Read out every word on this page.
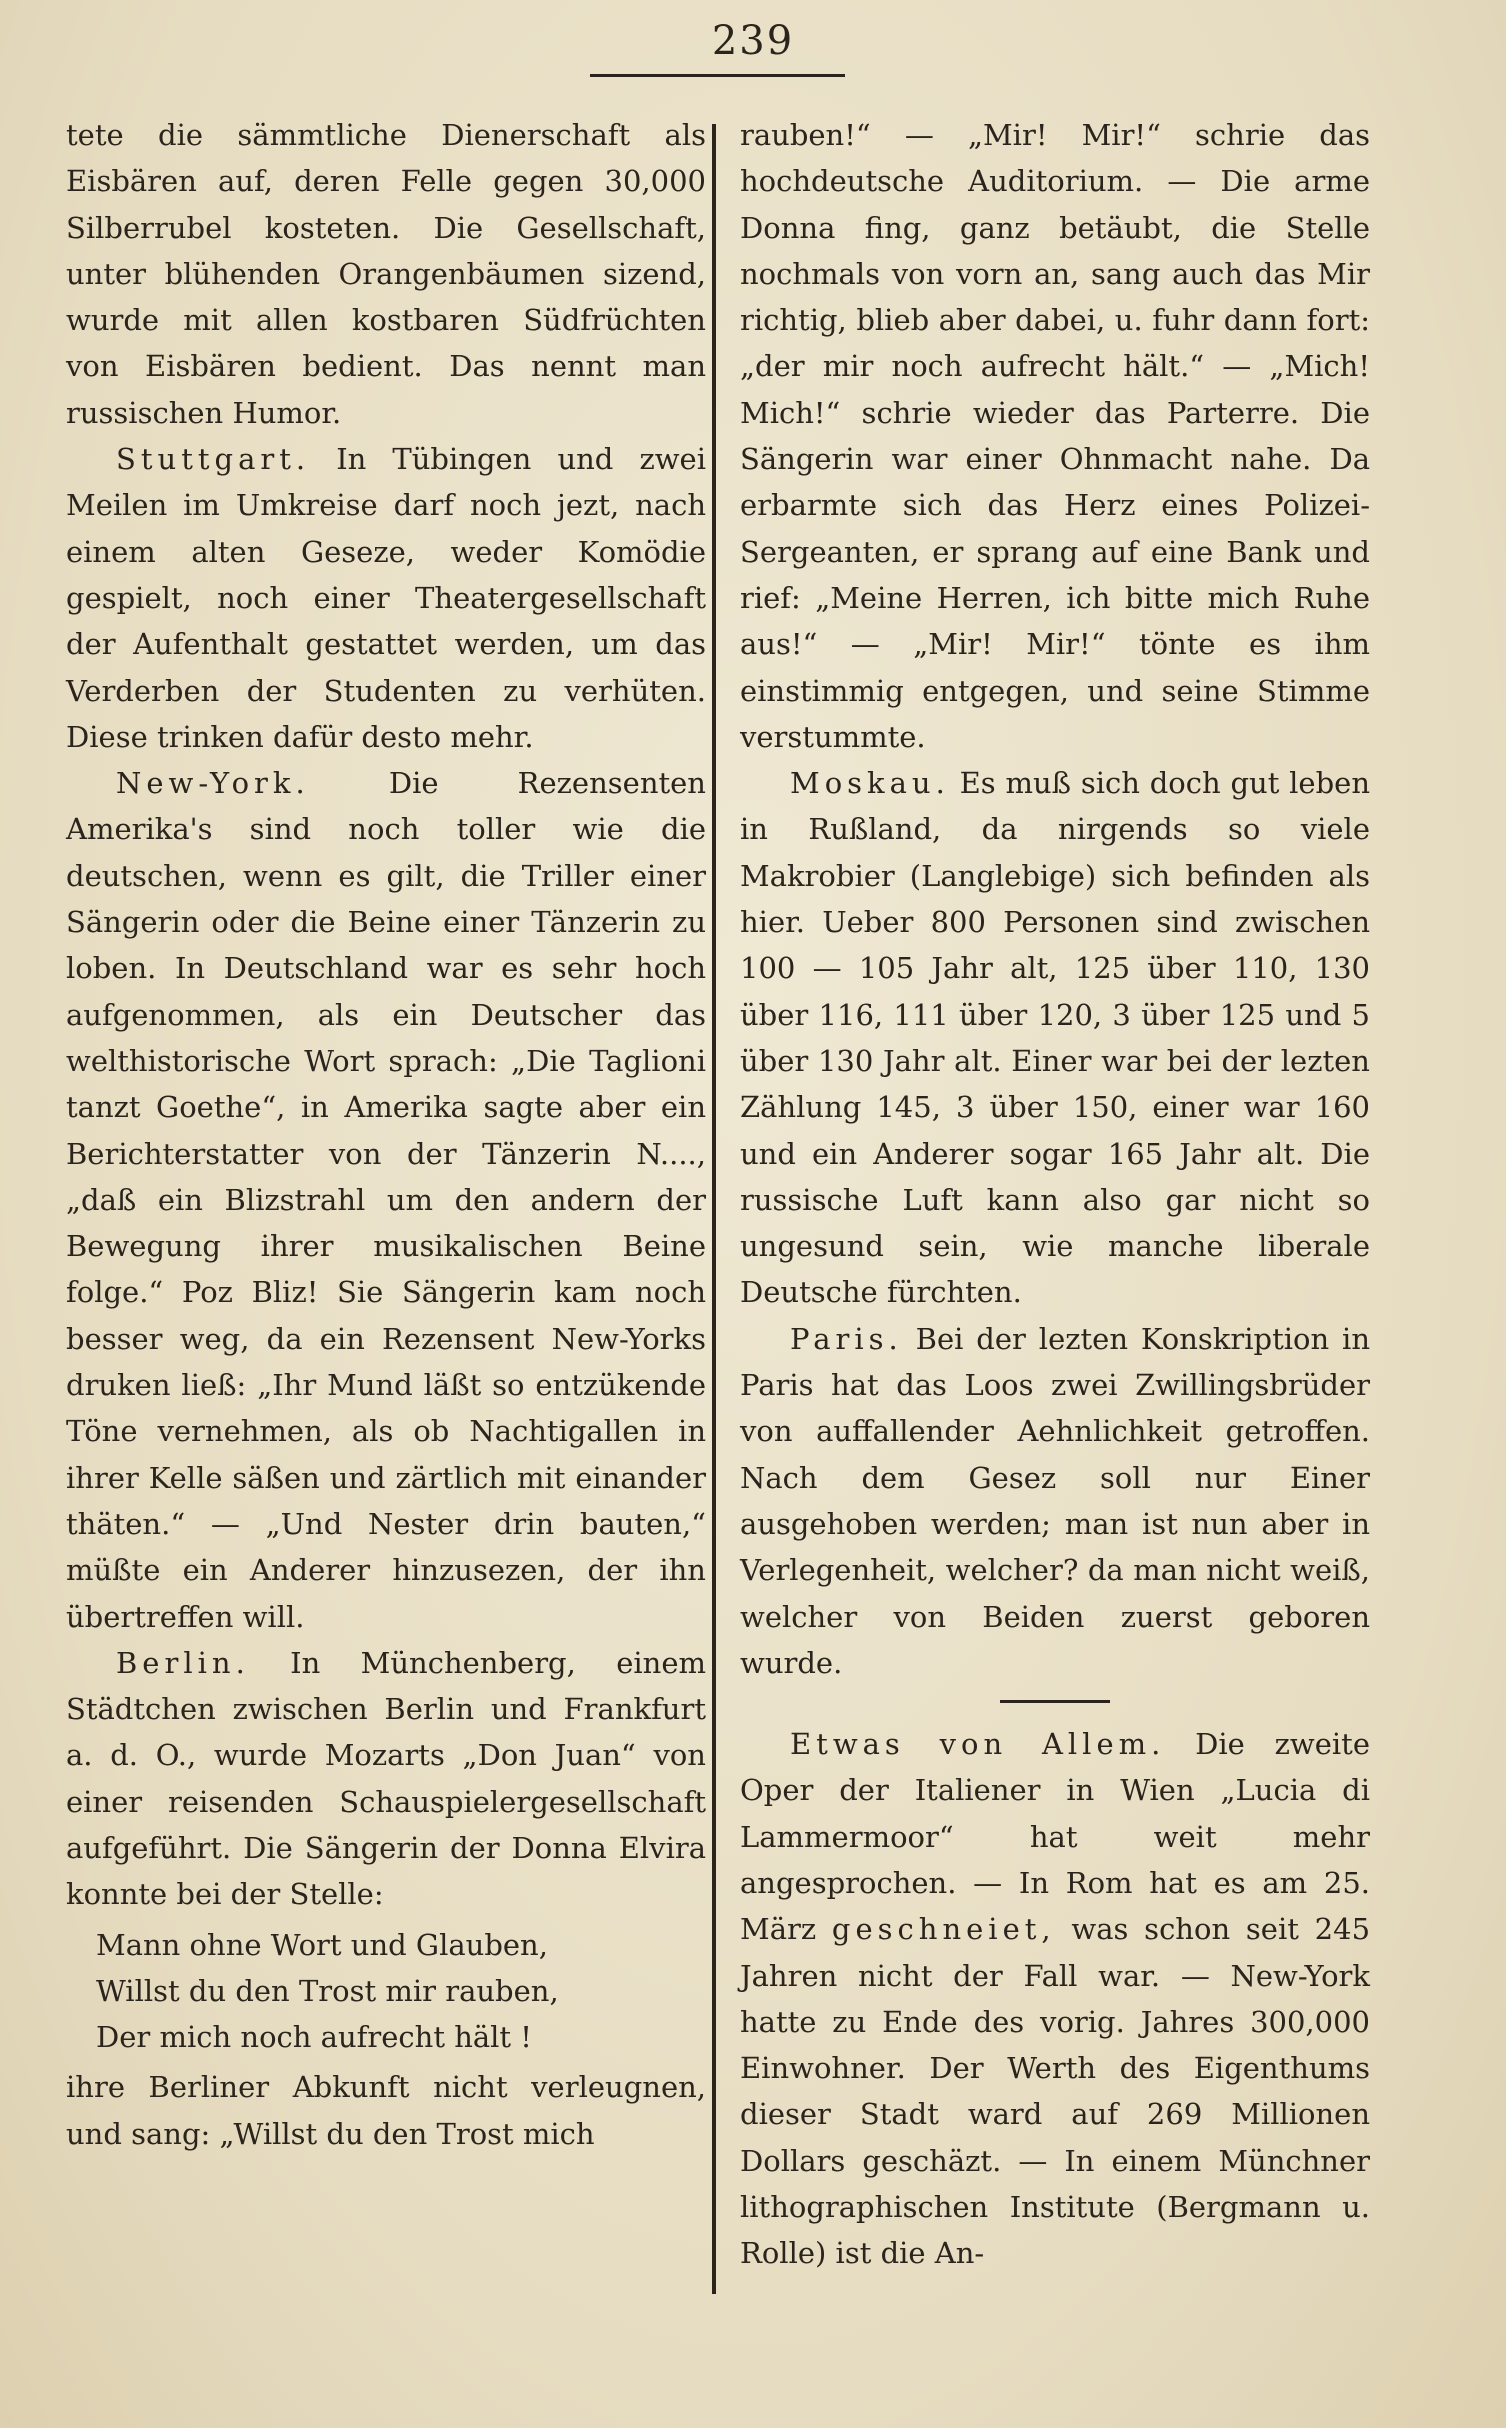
239

tete die sämmtliche Dienerschaft als Eisbären auf, deren Felle gegen 30,000 Silberrubel kosteten. Die Gesellschaft, unter blühenden Orangenbäumen sizend, wurde mit allen kostbaren Südfrüchten von Eisbären bedient. Das nennt man russischen Humor.

Stuttgart. In Tübingen und zwei Meilen im Umkreise darf noch jezt, nach einem alten Geseze, weder Komödie gespielt, noch einer Theatergesellschaft der Aufenthalt gestattet werden, um das Verderben der Studenten zu verhüten. Diese trinken dafür desto mehr.

New-York.	Die Rezensenten Amerika's sind noch toller wie die deutschen, wenn es gilt, die Triller einer Sängerin oder die Beine einer Tänzerin zu loben. In Deutschland war es sehr hoch aufgenommen, als ein Deutscher das welthistorische Wort sprach: „Die Taglioni tanzt Goethe“, in Amerika sagte aber ein Berichterstatter von der Tänzerin N...., „daß ein Blizstrahl um den andern der Bewegung ihrer musikalischen Beine folge.“ Poz Bliz! Sie Sängerin kam noch besser weg, da ein Rezensent New-Yorks druken ließ: „Ihr Mund läßt so entzükende Töne vernehmen, als ob Nachtigallen in ihrer Kelle säßen und zärtlich mit einander thäten.“ — „Und Nester drin bauten,“ müßte ein Anderer hinzusezen, der ihn übertreffen will.

Berlin. In Münchenberg, einem Städtchen zwischen Berlin und Frankfurt a. d. O., wurde Mozarts „Don Juan“ von einer reisenden Schauspielergesellschaft aufgeführt. Die Sängerin der Donna Elvira konnte bei der Stelle:

Mann ohne Wort und Glauben,
Willst du den Trost mir rauben,
Der mich noch aufrecht hält !

ihre Berliner Abkunft nicht verleugnen, und sang: „Willst du den Trost mich

rauben!“ — „Mir! Mir!“ schrie das hochdeutsche Auditorium. — Die arme Donna fing, ganz betäubt, die Stelle nochmals von vorn an, sang auch das Mir richtig, blieb aber dabei, u. fuhr dann fort: „der mir noch aufrecht hält.“ — „Mich! Mich!“ schrie wieder das Parterre. Die Sängerin war einer Ohnmacht nahe. Da erbarmte sich das Herz eines Polizei-Sergeanten, er sprang auf eine Bank und rief: „Meine Herren, ich bitte mich Ruhe aus!“ — „Mir! Mir!“ tönte es ihm einstimmig entgegen, und seine Stimme verstummte.

Moskau. Es muß sich doch gut leben in Rußland, da nirgends so viele Makrobier (Langlebige) sich befinden als hier. Ueber 800 Personen sind zwischen 100 — 105 Jahr alt, 125 über 110, 130 über 116, 111 über 120, 3 über 125 und 5 über 130 Jahr alt. Einer war bei der lezten Zählung 145, 3 über 150, einer war 160 und ein Anderer sogar 165 Jahr alt. Die russische Luft kann also gar nicht so ungesund sein, wie manche liberale Deutsche fürchten.

Paris. Bei der lezten Konskription in Paris hat das Loos zwei Zwillingsbrüder von auffallender Aehnlichkeit getroffen. Nach dem Gesez soll nur Einer ausgehoben werden; man ist nun aber in Verlegenheit, welcher? da man nicht weiß, welcher von Beiden zuerst geboren wurde.

Etwas von Allem. Die zweite Oper der Italiener in Wien „Lucia di Lammermoor“ hat weit mehr angesprochen. — In Rom hat es am 25. März geschneiet, was schon seit 245 Jahren nicht der Fall war. — New-York hatte zu Ende des vorig. Jahres 300,000 Einwohner. Der Werth des Eigenthums dieser Stadt ward auf 269 Millionen Dollars geschäzt. — In einem Münchner lithographischen Institute (Bergmann u. Rolle) ist die An-
